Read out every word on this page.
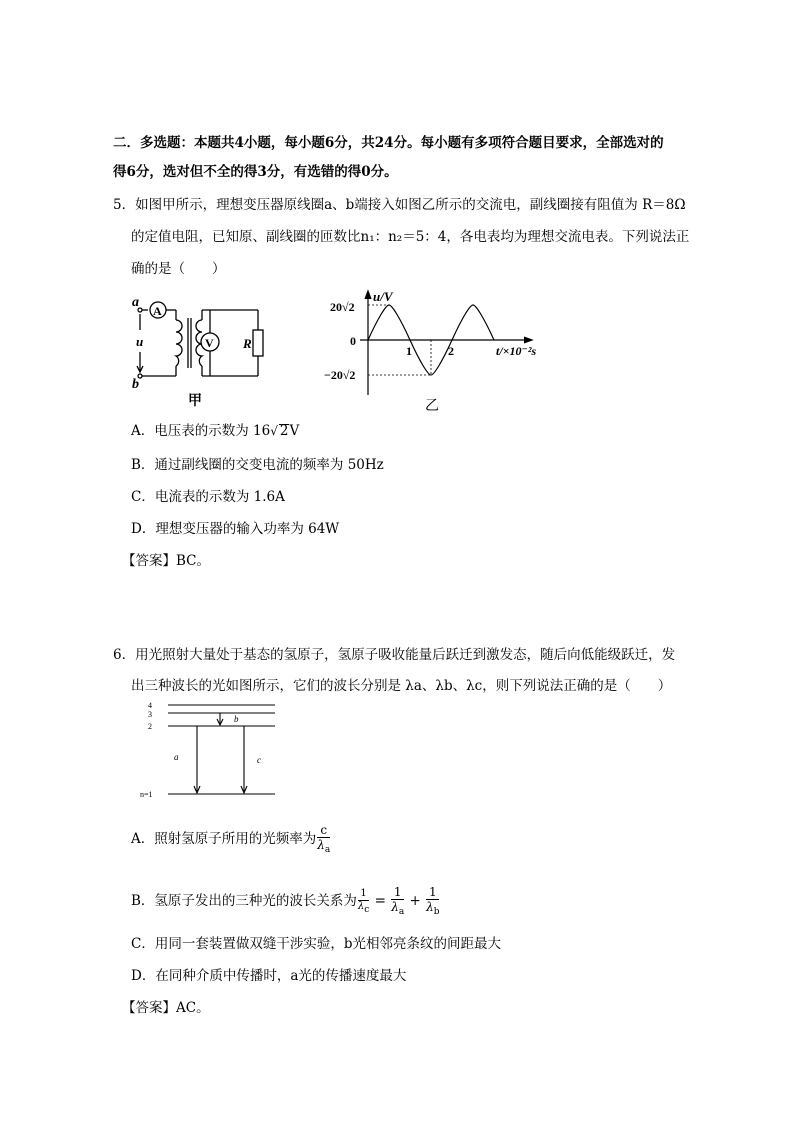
二．多选题：本题共4小题，每小题6分，共24分。每小题有多项符合题目要求，全部选对的
得6分，选对但不全的得3分，有选错的得0分。
5．如图甲所示，理想变压器原线圈a、b端接入如图乙所示的交流电，副线圈接有阻值为 R＝8Ω
的定值电阻，已知原、副线圈的匝数比n₁：n₂＝5：4，各电表均为理想交流电表。下列说法正
确的是（　　）
a
b
u
A
V R
甲
u/V
20√2
0
−20√2
1	2	t/×10⁻²s
乙
A．电压表的示数为 16√ 2V
B．通过副线圈的交变电流的频率为 50Hz
C．电流表的示数为 1.6A
D．理想变压器的输入功率为 64W
【答案】BC。
6．用光照射大量处于基态的氢原子，氢原子吸收能量后跃迁到激发态，随后向低能级跃迁，发
出三种波长的光如图所示，它们的波长分别是 λa、λb、λc，则下列说法正确的是（　　）
4
3
2
n=1
a
b
c
A．照射氢原子所用的光频率为 $\frac{c}{\lambda_a}$
B．氢原子发出的三种光的波长关系为 $\frac{1}{\lambda c} = \frac{1}{\lambda_a} + \frac{1}{\lambda_b}$
C．用同一套装置做双缝干涉实验，b光相邻亮条纹的间距最大
D．在同种介质中传播时，a光的传播速度最大
【答案】AC。
